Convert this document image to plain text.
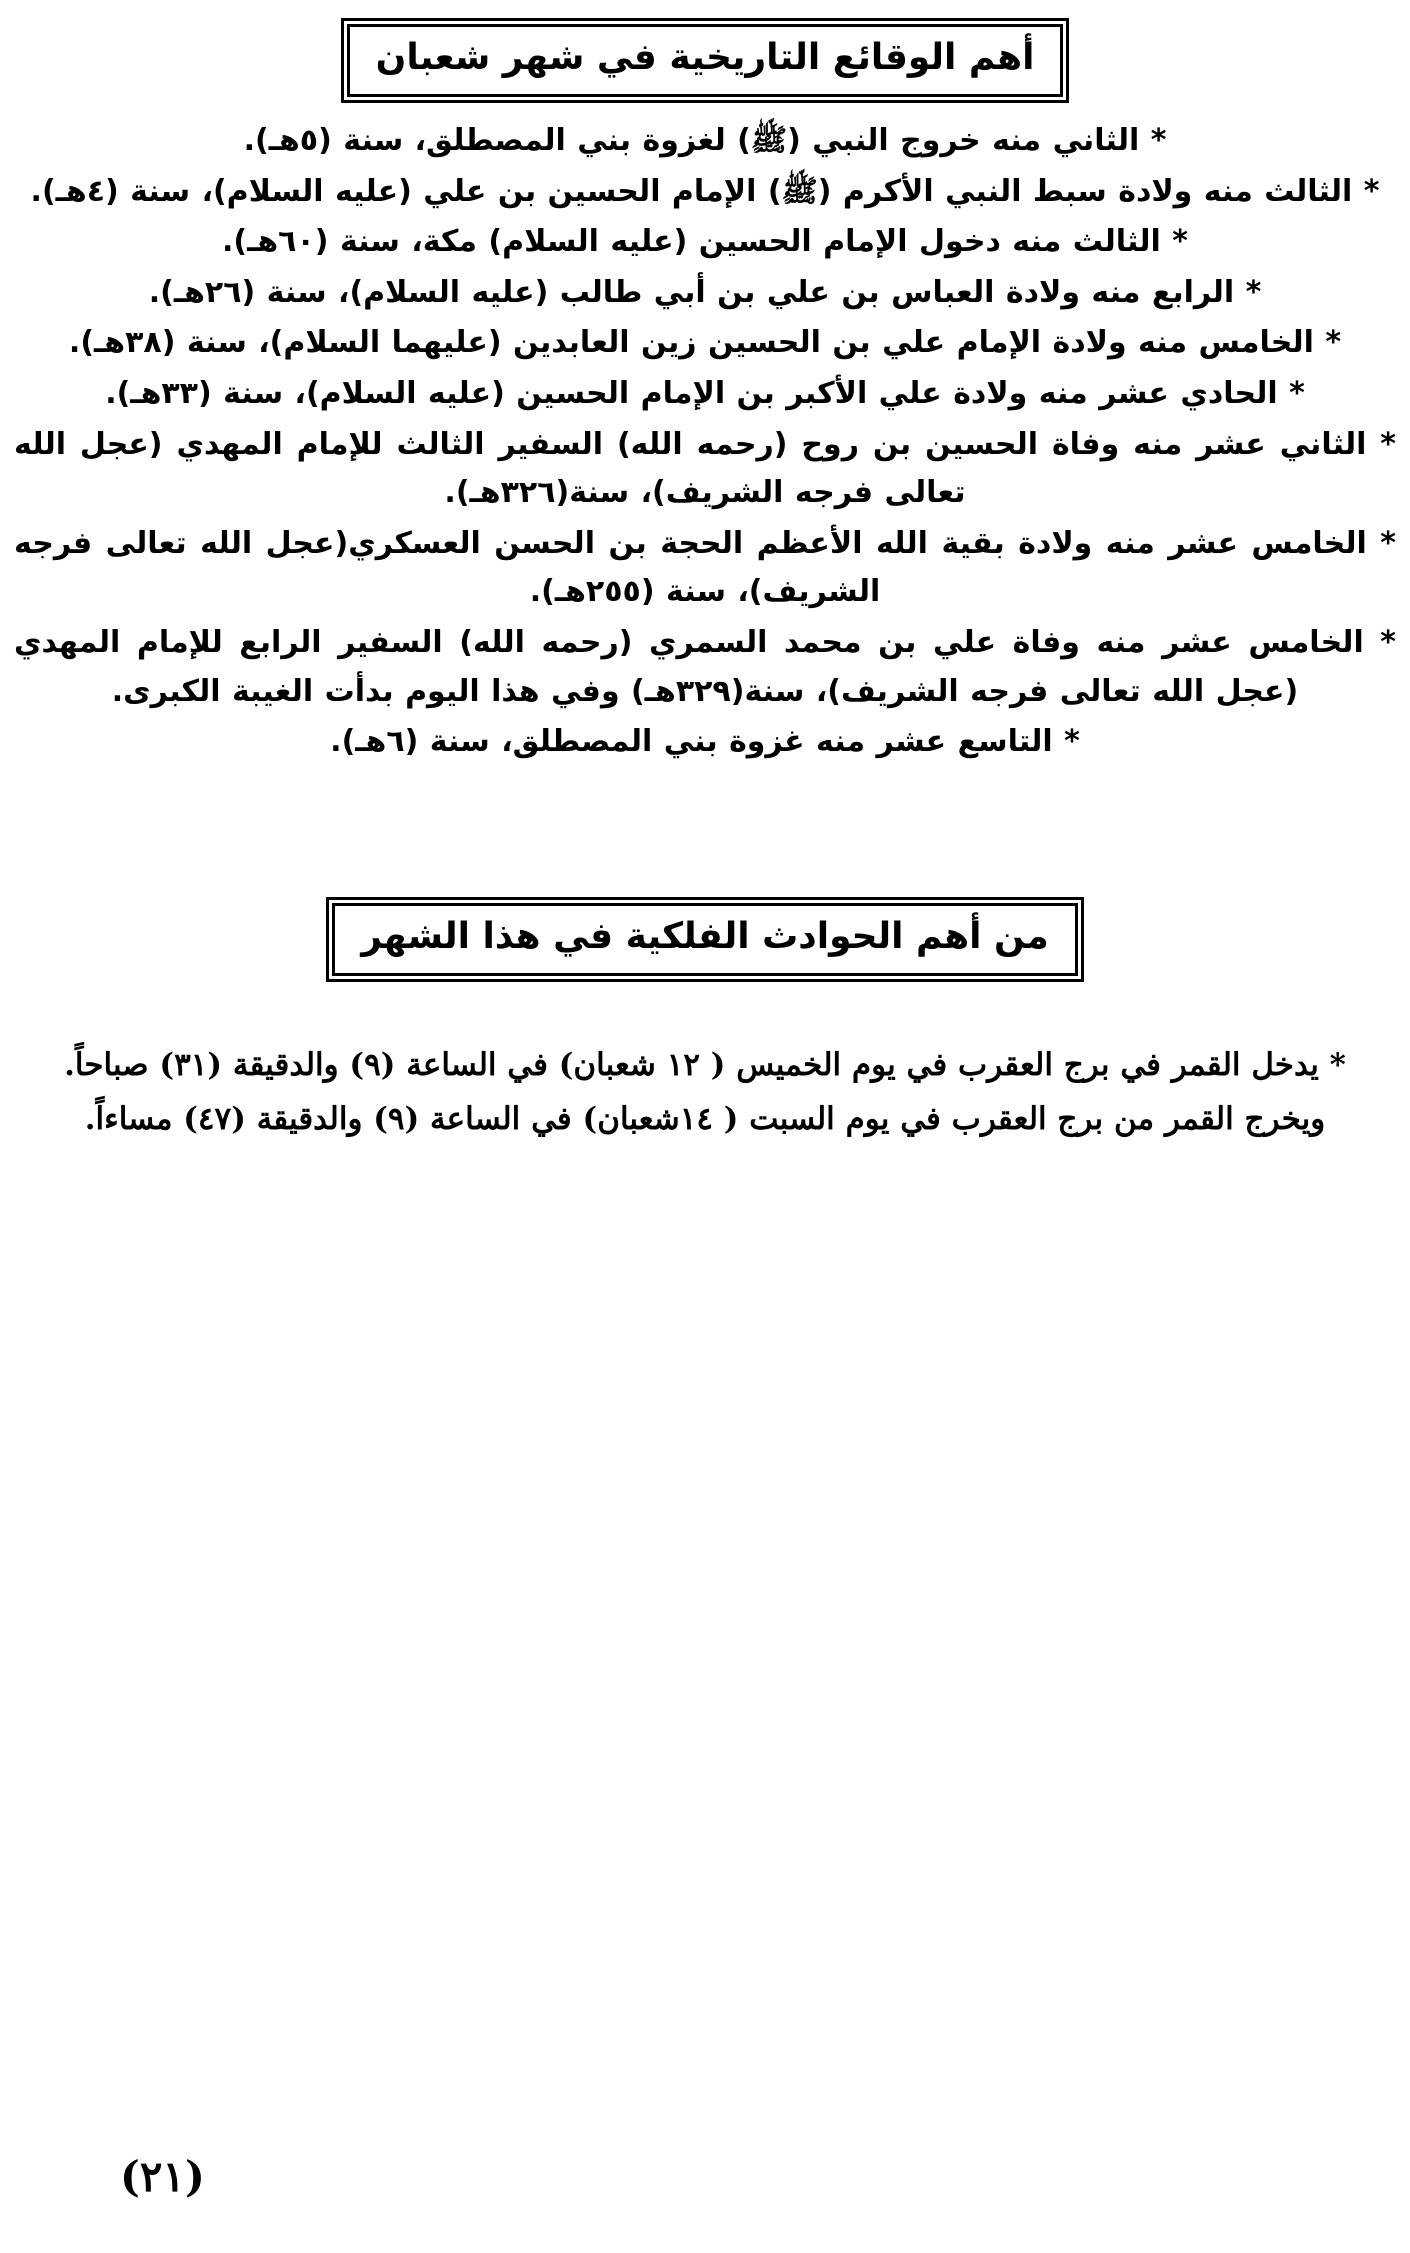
أهم الوقائع التاريخية في شهر شعبان
* الثاني منه خروج النبي (ﷺ) لغزوة بني المصطلق، سنة (٥هـ).
* الثالث منه ولادة سبط النبي الأكرم (ﷺ) الإمام الحسين بن علي (عليه السلام)، سنة (٤هـ).
* الثالث منه دخول الإمام الحسين (عليه السلام) مكة، سنة (٦٠هـ).
* الرابع منه ولادة العباس بن علي بن أبي طالب (عليه السلام)، سنة (٢٦هـ).
* الخامس منه ولادة الإمام علي بن الحسين زين العابدين (عليهما السلام)، سنة (٣٨هـ).
* الحادي عشر منه ولادة علي الأكبر بن الإمام الحسين (عليه السلام)، سنة (٣٣هـ).
* الثاني عشر منه وفاة الحسين بن روح (رحمه الله) السفير الثالث للإمام المهدي (عجل الله تعالى فرجه الشريف)، سنة(٣٢٦هـ).
* الخامس عشر منه ولادة بقية الله الأعظم الحجة بن الحسن العسكري(عجل الله تعالى فرجه الشريف)، سنة (٢٥٥هـ).
* الخامس عشر منه وفاة علي بن محمد السمري (رحمه الله) السفير الرابع للإمام المهدي (عجل الله تعالى فرجه الشريف)، سنة(٣٢٩هـ) وفي هذا اليوم بدأت الغيبة الكبرى.
* التاسع عشر منه غزوة بني المصطلق، سنة (٦هـ).
من أهم الحوادث الفلكية في هذا الشهر

* يدخل القمر في برج العقرب في يوم الخميس ( ١٢ شعبان) في الساعة (٩) والدقيقة (٣١) صباحاً.

ويخرج القمر من برج العقرب في يوم السبت ( ١٤شعبان) في الساعة (٩) والدقيقة (٤٧) مساءاً.

(٢١)
